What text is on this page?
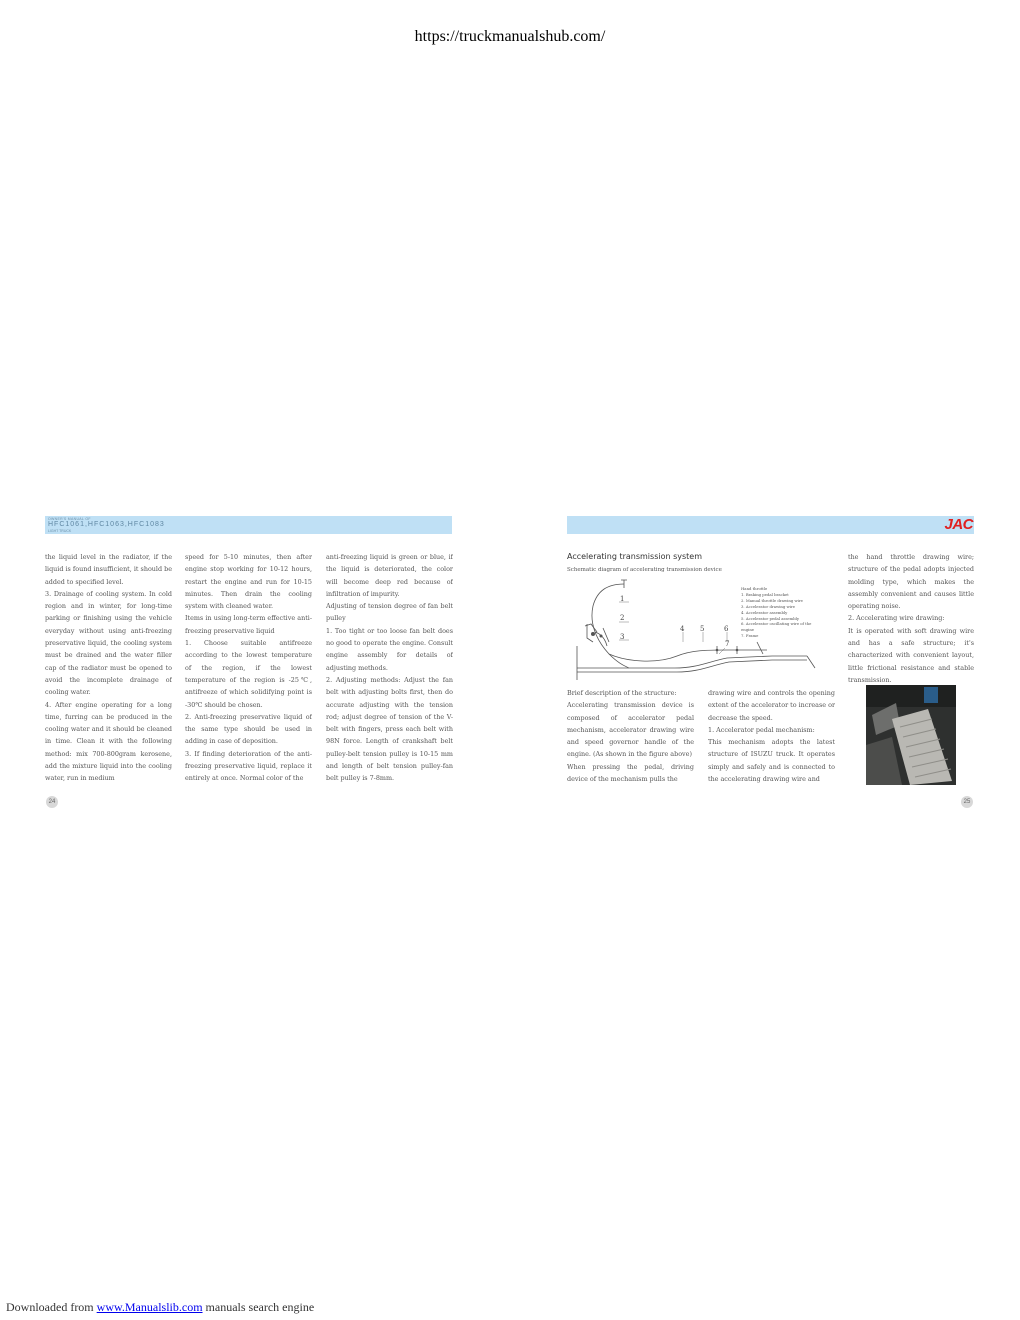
https://truckmanualshub.com/
OWNER'S MANUAL OF
HFC1061,HFC1063,HFC1083
LIGHT TRUCK	JAC

the liquid level in the radiator, if the liquid is found insufficient, it should be added to specified level.

3. Drainage of cooling system. In cold region and in winter, for long-time parking or finishing using the vehicle everyday without using anti-freezing preservative liquid, the cooling system must be drained and the water filler cap of the radiator must be opened to avoid the incomplete drainage of cooling water.

4. After engine operating for a long time, furring can be produced in the cooling water and it should be cleaned in time. Clean it with the following method: mix 700-800gram kerosene, add the mixture liquid into the cooling water, run in medium

speed for 5-10 minutes, then after engine stop working for 10-12 hours, restart the engine and run for 10-15 minutes. Then drain the cooling system with cleaned water.

Items in using long-term effective anti-freezing preservative liquid

1. Choose suitable antifreeze according to the lowest temperature of the region, if the lowest temperature of the region is -25℃, antifreeze of which solidifying point is -30℃ should be chosen.

2. Anti-freezing preservative liquid of the same type should be used in adding in case of deposition.

3. If finding deterioration of the anti-freezing preservative liquid, replace it entirely at once. Normal color of the

anti-freezing liquid is green or blue, if the liquid is deteriorated, the color will become deep red because of infiltration of impurity.

Adjusting of tension degree of fan belt pulley

1. Too tight or too loose fan belt does no good to operate the engine. Consult engine assembly for details of adjusting methods.

2. Adjusting methods: Adjust the fan belt with adjusting bolts first, then do accurate adjusting with the tension rod; adjust degree of tension of the V-belt with fingers, press each belt with 98N force. Length of crankshaft belt pulley-belt tension pulley is 10-15 mm and length of belt tension pulley-fan belt pulley is 7-8mm.

Accelerating transmission system
Schematic diagram of accelerating transmission device
1
2
3
4 5	6
7
Hand throttle
1. Braking pedal bracket
2. Manual throttle drawing wire
3. Accelerator drawing wire
4. Accelerator assembly
5. Accelerator pedal assembly
6. Accelerator oscillating wire of the engine
7. Frame

Brief description of the structure:

Accelerating transmission device is composed of accelerator pedal mechanism, accelerator drawing wire and speed governor handle of the engine. (As shown in the figure above)

When pressing the pedal, driving device of the mechanism pulls the

drawing wire and controls the opening extent of the accelerator to increase or decrease the speed.

1. Accelerator pedal mechanism:

This mechanism adopts the latest structure of ISUZU truck. It operates simply and safely and is connected to the accelerating drawing wire and

the hand throttle drawing wire; structure of the pedal adopts injected molding type, which makes the assembly convenient and causes little operating noise.

2. Accelerating wire drawing:

It is operated with soft drawing wire and has a safe structure; it's characterized with convenient layout, little frictional resistance and stable transmission.

24	25
Downloaded from www.Manualslib.com manuals search engine
